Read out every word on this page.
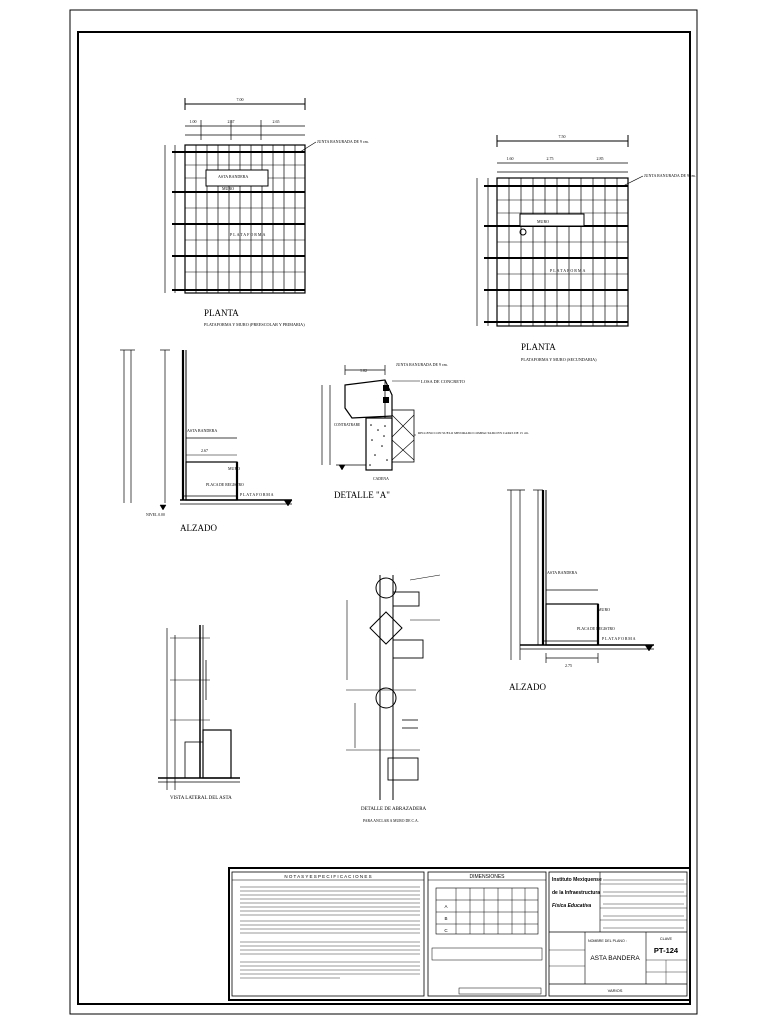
7.00
1.00	2.67	2.65
JUNTA RANURADA DE 9 cm.
ASTA BANDERA
MURO
PLATAFORMA
PLANTA
PLATAFORMA Y MURO (PREESCOLAR Y PRIMARIA)
7.50
1.60	2.75	2.85
JUNTA RANURADA DE 9 cm.
MURO
PLATAFORMA
PLANTA
PLATAFORMA Y MURO (SECUNDARIA)
ASTA BANDERA
2.67
MURO
PLACA DE REGISTRO
PLATAFORMA
NIVEL 0.00
ALZADO
JUNTA RANURADA DE 9 cm.
1.02
LOSA DE CONCRETO
CONTRATRABE
RELLENO CON SUELO MEJORADO COMPACTADO EN CAPAS DE 15 cm.
CADENA
DETALLE "A"
ASTA BANDERA
MURO
PLACA DE REGISTRO
PLATAFORMA
2.75
ALZADO
VISTA LATERAL DEL ASTA
DETALLE DE ABRAZADERA
PARA ANCLAR A MURO DE C.A.
N O T A S Y E S P E C I F I C A C I O N E S	DIMENSIONES
A
B
C
Instituto Mexiquense
de la Infraestructura
Física Educativa
NOMBRE DEL PLANO :
ASTA BANDERA
CLAVE
PT-124
VARIOS
